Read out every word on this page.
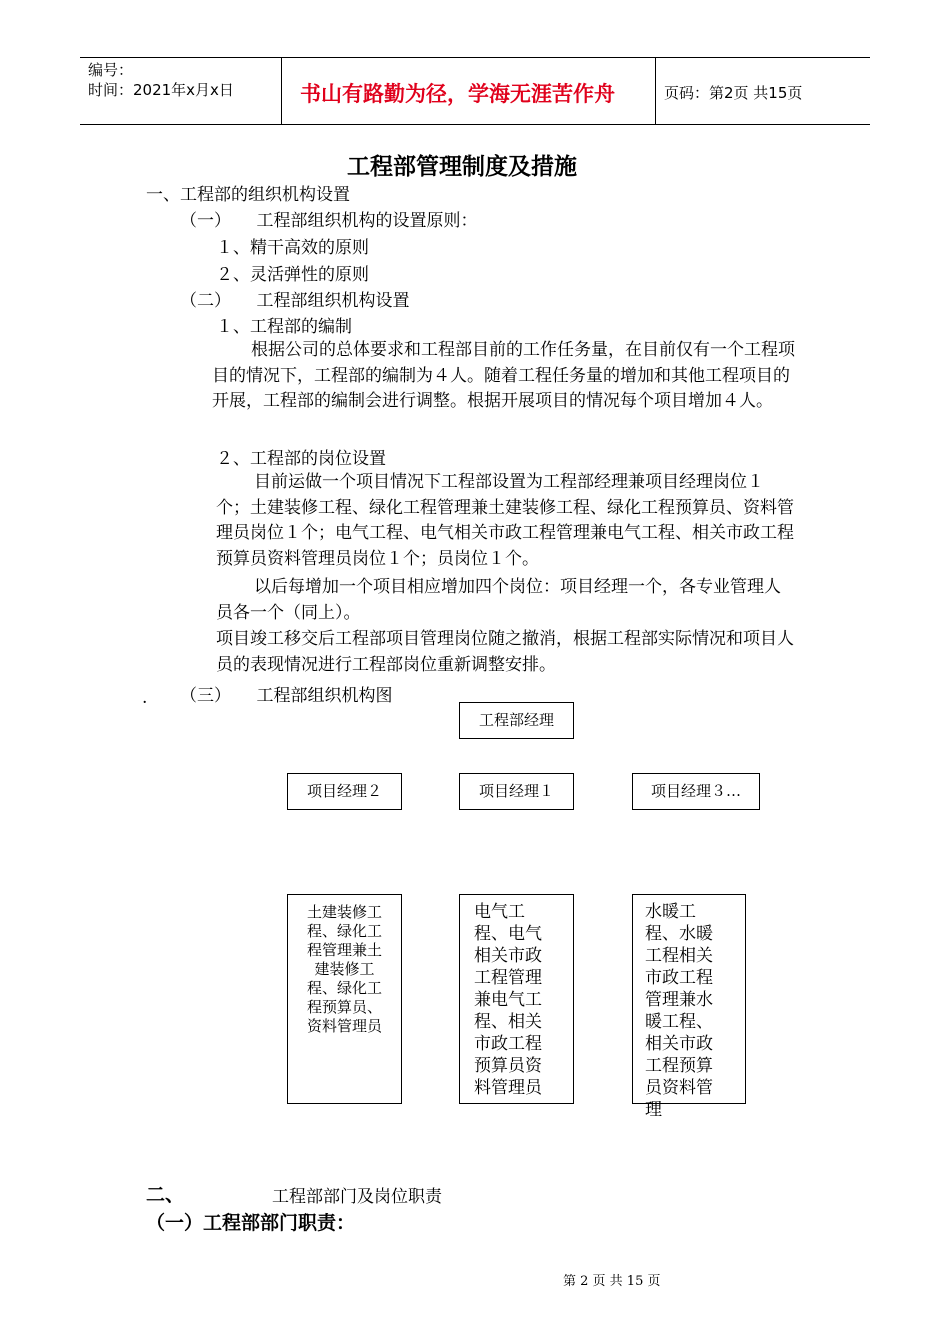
编号：
时间：2021年x月x日	书山有路勤为径，学海无涯苦作舟	页码：第2页 共15页
工程部管理制度及措施
一、工程部的组织机构设置
（一）　　工程部组织机构的设置原则：
１、精干高效的原则
２、灵活弹性的原则
（二）　　工程部组织机构设置
１、工程部的编制
根据公司的总体要求和工程部目前的工作任务量，在目前仅有一个工程项目的情况下，工程部的编制为４人。随着工程任务量的增加和其他工程项目的开展，工程部的编制会进行调整。根据开展项目的情况每个项目增加４人。
２、工程部的岗位设置
目前运做一个项目情况下工程部设置为工程部经理兼项目经理岗位１个；土建装修工程、绿化工程管理兼土建装修工程、绿化工程预算员、资料管理员岗位１个；电气工程、电气相关市政工程管理兼电气工程、相关市政工程预算员资料管理员岗位１个；员岗位１个。
以后每增加一个项目相应增加四个岗位：项目经理一个，各专业管理人员各一个（同上）。
项目竣工移交后工程部项目管理岗位随之撤消，根据工程部实际情况和项目人员的表现情况进行工程部岗位重新调整安排。
. （三）　　工程部组织机构图
工程部经理
项目经理２	项目经理１	项目经理３…
土建装修工程、绿化工程管理兼土建装修工程、绿化工程预算员、资料管理员
电气工程、电气相关市政工程管理兼电气工程、相关市政工程预算员资料管理员
水暖工程、水暖工程相关市政工程管理兼水暖工程、相关市政工程预算员资料管理
二、	工程部部门及岗位职责
（一）工程部部门职责：
第 2 页 共 15 页
